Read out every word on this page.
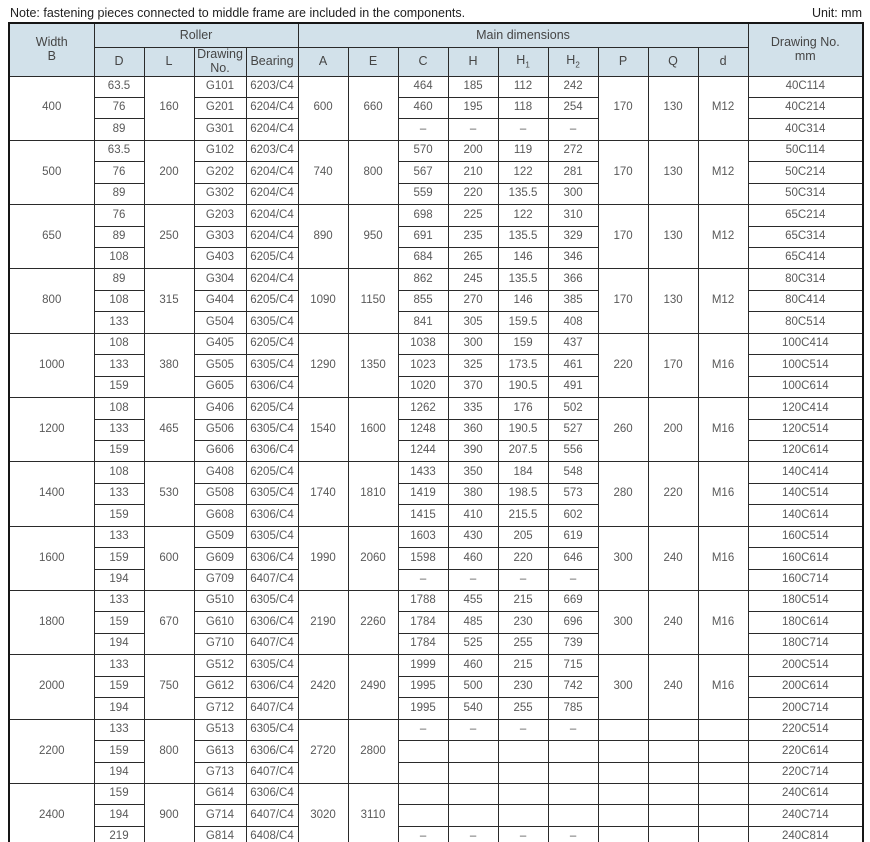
Note: fastening pieces connected to middle frame are included in the components.	Unit: mm
Width
B	Roller				Main dimensions									Drawing No.
mm
	D	L	Drawing No.	Bearing	A	E	C	H	$H_1$	$H_2$	P	Q	d	
400	63.5	160	G101	6203/C4	600	660	464	185	112	242	170	130	M12	40C114
	76		G201	6204/C4			460	195	118	254				40C214
	89		G301	6204/C4			–	–	–	–				40C314
500	63.5	200	G102	6203/C4	740	800	570	200	119	272	170	130	M12	50C114
	76		G202	6204/C4			567	210	122	281				50C214
	89		G302	6204/C4			559	220	135.5	300				50C314
650	76	250	G203	6204/C4	890	950	698	225	122	310	170	130	M12	65C214
	89		G303	6204/C4			691	235	135.5	329				65C314
	108		G403	6205/C4			684	265	146	346				65C414
800	89	315	G304	6204/C4	1090	1150	862	245	135.5	366	170	130	M12	80C314
	108		G404	6205/C4			855	270	146	385				80C414
	133		G504	6305/C4			841	305	159.5	408				80C514
1000	108	380	G405	6205/C4	1290	1350	1038	300	159	437	220	170	M16	100C414
	133		G505	6305/C4			1023	325	173.5	461				100C514
	159		G605	6306/C4			1020	370	190.5	491				100C614
1200	108	465	G406	6205/C4	1540	1600	1262	335	176	502	260	200	M16	120C414
	133		G506	6305/C4			1248	360	190.5	527				120C514
	159		G606	6306/C4			1244	390	207.5	556				120C614
1400	108	530	G408	6205/C4	1740	1810	1433	350	184	548	280	220	M16	140C414
	133		G508	6305/C4			1419	380	198.5	573				140C514
	159		G608	6306/C4			1415	410	215.5	602				140C614
1600	133	600	G509	6305/C4	1990	2060	1603	430	205	619	300	240	M16	160C514
	159		G609	6306/C4			1598	460	220	646				160C614
	194		G709	6407/C4			–	–	–	–				160C714
1800	133	670	G510	6305/C4	2190	2260	1788	455	215	669	300	240	M16	180C514
	159		G610	6306/C4			1784	485	230	696				180C614
	194		G710	6407/C4			1784	525	255	739				180C714
2000	133	750	G512	6305/C4	2420	2490	1999	460	215	715	300	240	M16	200C514
	159		G612	6306/C4			1995	500	230	742				200C614
	194		G712	6407/C4			1995	540	255	785				200C714
2200	133	800	G513	6305/C4	2720	2800	–	–	–	–				220C514
	159		G613	6306/C4										220C614
	194		G713	6407/C4										220C714
2400	159	900	G614	6306/C4	3020	3110								240C614
	194		G714	6407/C4										240C714
	219		G814	6408/C4			–	–	–	–				240C814
